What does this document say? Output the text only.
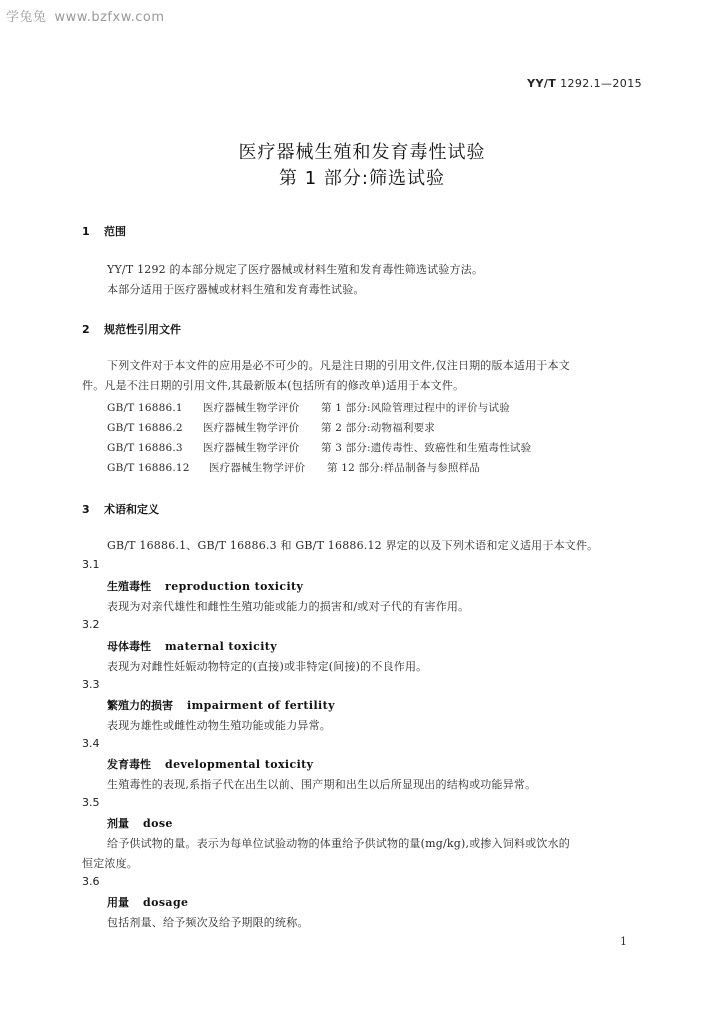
学兔兔 www.bzfxw.com
YY/T 1292.1—2015
医疗器械生殖和发育毒性试验
第 1 部分:筛选试验
1 范围
YY/T 1292 的本部分规定了医疗器械或材料生殖和发育毒性筛选试验方法。
本部分适用于医疗器械或材料生殖和发育毒性试验。
2 规范性引用文件
下列文件对于本文件的应用是必不可少的。凡是注日期的引用文件,仅注日期的版本适用于本文
件。凡是不注日期的引用文件,其最新版本(包括所有的修改单)适用于本文件。
GB/T 16886.1 医疗器械生物学评价 第 1 部分:风险管理过程中的评价与试验
GB/T 16886.2 医疗器械生物学评价 第 2 部分:动物福利要求
GB/T 16886.3 医疗器械生物学评价 第 3 部分:遗传毒性、致癌性和生殖毒性试验
GB/T 16886.12 医疗器械生物学评价 第 12 部分:样品制备与参照样品
3 术语和定义
GB/T 16886.1、GB/T 16886.3 和 GB/T 16886.12 界定的以及下列术语和定义适用于本文件。
3.1
生殖毒性 reproduction toxicity
表现为对亲代雄性和雌性生殖功能或能力的损害和/或对子代的有害作用。
3.2
母体毒性 maternal toxicity
表现为对雌性妊娠动物特定的(直接)或非特定(间接)的不良作用。
3.3
繁殖力的损害 impairment of fertility
表现为雄性或雌性动物生殖功能或能力异常。
3.4
发育毒性 developmental toxicity
生殖毒性的表现,系指子代在出生以前、围产期和出生以后所显现出的结构或功能异常。
3.5
剂量 dose
给予供试物的量。表示为每单位试验动物的体重给予供试物的量(mg/kg),或掺入饲料或饮水的
恒定浓度。
3.6
用量 dosage
包括剂量、给予频次及给予期限的统称。
1
